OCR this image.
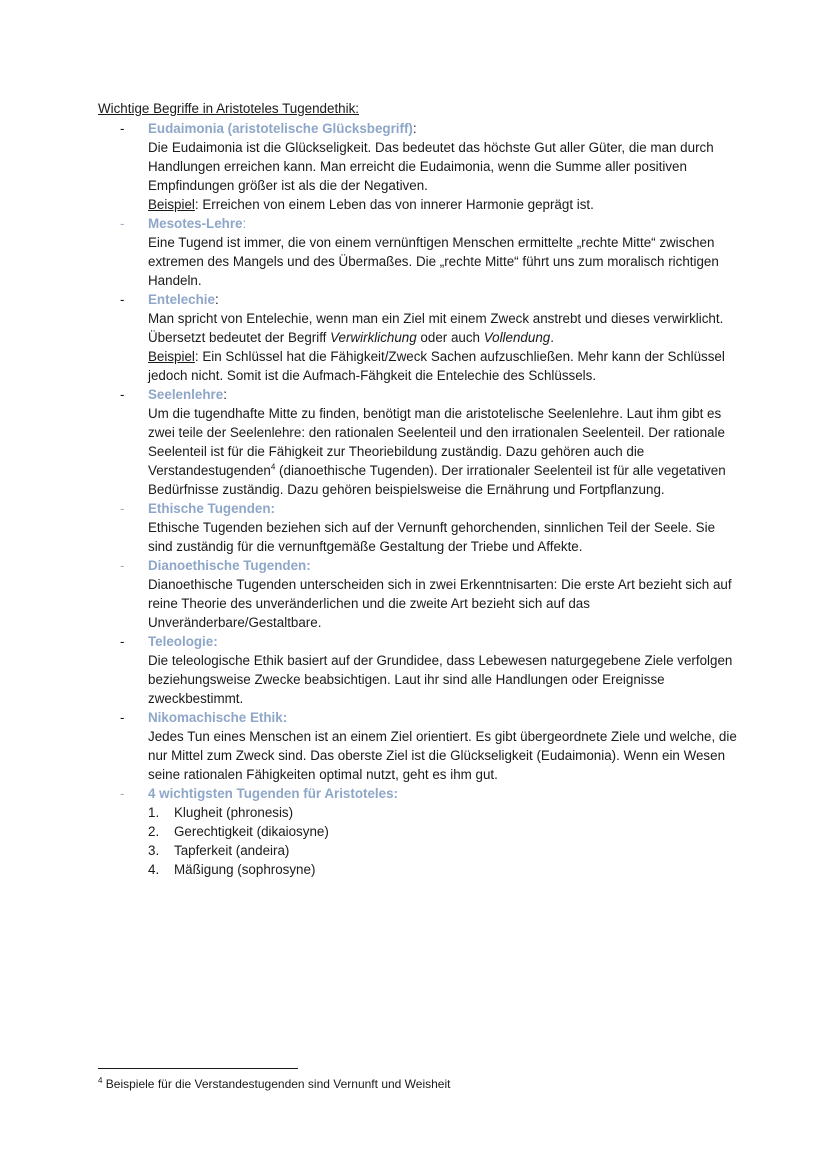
Wichtige Begriffe in Aristoteles Tugendethik:
- Eudaimonia (aristotelische Glücksbegriff):
Die Eudaimonia ist die Glückseligkeit. Das bedeutet das höchste Gut aller Güter, die man durch Handlungen erreichen kann. Man erreicht die Eudaimonia, wenn die Summe aller positiven Empfindungen größer ist als die der Negativen.
Beispiel: Erreichen von einem Leben das von innerer Harmonie geprägt ist.
- Mesotes-Lehre:
Eine Tugend ist immer, die von einem vernünftigen Menschen ermittelte „rechte Mitte“ zwischen extremen des Mangels und des Übermaßes. Die „rechte Mitte“ führt uns zum moralisch richtigen Handeln.
- Entelechie:
Man spricht von Entelechie, wenn man ein Ziel mit einem Zweck anstrebt und dieses verwirklicht. Übersetzt bedeutet der Begriff Verwirklichung oder auch Vollendung.
Beispiel: Ein Schlüssel hat die Fähigkeit/Zweck Sachen aufzuschließen. Mehr kann der Schlüssel jedoch nicht. Somit ist die Aufmach-Fähgkeit die Entelechie des Schlüssels.
- Seelenlehre:
Um die tugendhafte Mitte zu finden, benötigt man die aristotelische Seelenlehre. Laut ihm gibt es zwei teile der Seelenlehre: den rationalen Seelenteil und den irrationalen Seelenteil. Der rationale Seelenteil ist für die Fähigkeit zur Theoriebildung zuständig. Dazu gehören auch die Verstandestugenden$^4$ (dianoethische Tugenden). Der irrationaler Seelenteil ist für alle vegetativen Bedürfnisse zuständig. Dazu gehören beispielsweise die Ernährung und Fortpflanzung.
- Ethische Tugenden:
Ethische Tugenden beziehen sich auf der Vernunft gehorchenden, sinnlichen Teil der Seele. Sie sind zuständig für die vernunftgemäße Gestaltung der Triebe und Affekte.
- Dianoethische Tugenden:
Dianoethische Tugenden unterscheiden sich in zwei Erkenntnisarten: Die erste Art bezieht sich auf reine Theorie des unveränderlichen und die zweite Art bezieht sich auf das Unveränderbare/Gestaltbare.
- Teleologie:
Die teleologische Ethik basiert auf der Grundidee, dass Lebewesen naturgegebene Ziele verfolgen beziehungsweise Zwecke beabsichtigen. Laut ihr sind alle Handlungen oder Ereignisse zweckbestimmt.
- Nikomachische Ethik:
Jedes Tun eines Menschen ist an einem Ziel orientiert. Es gibt übergeordnete Ziele und welche, die nur Mittel zum Zweck sind. Das oberste Ziel ist die Glückseligkeit (Eudaimonia). Wenn ein Wesen seine rationalen Fähigkeiten optimal nutzt, geht es ihm gut.
- 4 wichtigsten Tugenden für Aristoteles:
1. Klugheit (phronesis)
2. Gerechtigkeit (dikaiosyne)
3. Tapferkeit (andeira)
4. Mäßigung (sophrosyne)
$^4$ Beispiele für die Verstandestugenden sind Vernunft und Weisheit
